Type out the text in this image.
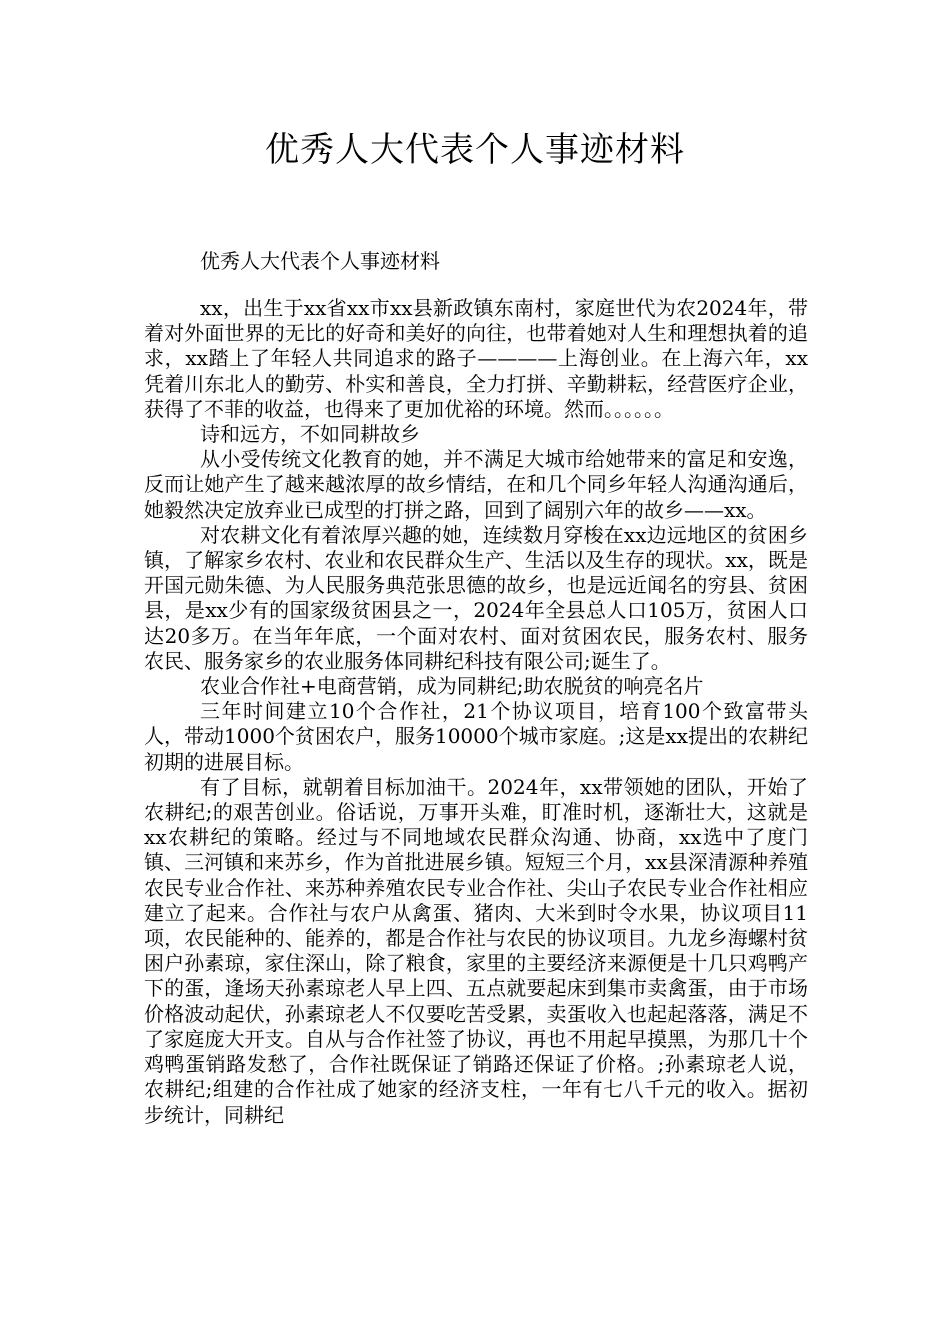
优秀人大代表个人事迹材料
优秀人大代表个人事迹材料

xx，出生于xx省xx市xx县新政镇东南村，家庭世代为农2024年，带着对外面世界的无比的好奇和美好的向往，也带着她对人生和理想执着的追求，xx踏上了年轻人共同追求的路子————上海创业。在上海六年，xx凭着川东北人的勤劳、朴实和善良，全力打拼、辛勤耕耘，经营医疗企业，获得了不菲的收益，也得来了更加优裕的环境。然而。。。。。。

诗和远方，不如同耕故乡

从小受传统文化教育的她，并不满足大城市给她带来的富足和安逸，反而让她产生了越来越浓厚的故乡情结，在和几个同乡年轻人沟通沟通后，她毅然决定放弃业已成型的打拼之路，回到了阔别六年的故乡——xx。

对农耕文化有着浓厚兴趣的她，连续数月穿梭在xx边远地区的贫困乡镇，了解家乡农村、农业和农民群众生产、生活以及生存的现状。xx，既是开国元勋朱德、为人民服务典范张思德的故乡，也是远近闻名的穷县、贫困县，是xx少有的国家级贫困县之一，2024年全县总人口105万，贫困人口达20多万。在当年年底，一个面对农村、面对贫困农民，服务农村、服务农民、服务家乡的农业服务体同耕纪科技有限公司;诞生了。

农业合作社+电商营销，成为同耕纪;助农脱贫的响亮名片

三年时间建立10个合作社，21个协议项目，培育100个致富带头人，带动1000个贫困农户，服务10000个城市家庭。;这是xx提出的农耕纪初期的进展目标。

有了目标，就朝着目标加油干。2024年，xx带领她的团队，开始了农耕纪;的艰苦创业。俗话说，万事开头难，盯准时机，逐渐壮大，这就是xx农耕纪的策略。经过与不同地域农民群众沟通、协商，xx选中了度门镇、三河镇和来苏乡，作为首批进展乡镇。短短三个月，xx县深清源种养殖农民专业合作社、来苏种养殖农民专业合作社、尖山子农民专业合作社相应建立了起来。合作社与农户从禽蛋、猪肉、大米到时令水果，协议项目11项，农民能种的、能养的，都是合作社与农民的协议项目。九龙乡海螺村贫困户孙素琼，家住深山，除了粮食，家里的主要经济来源便是十几只鸡鸭产下的蛋，逢场天孙素琼老人早上四、五点就要起床到集市卖禽蛋，由于市场价格波动起伏，孙素琼老人不仅要吃苦受累，卖蛋收入也起起落落，满足不了家庭庞大开支。自从与合作社签了协议，再也不用起早摸黑，为那几十个鸡鸭蛋销路发愁了，合作社既保证了销路还保证了价格。;孙素琼老人说，农耕纪;组建的合作社成了她家的经济支柱，一年有七八千元的收入。据初步统计，同耕纪
